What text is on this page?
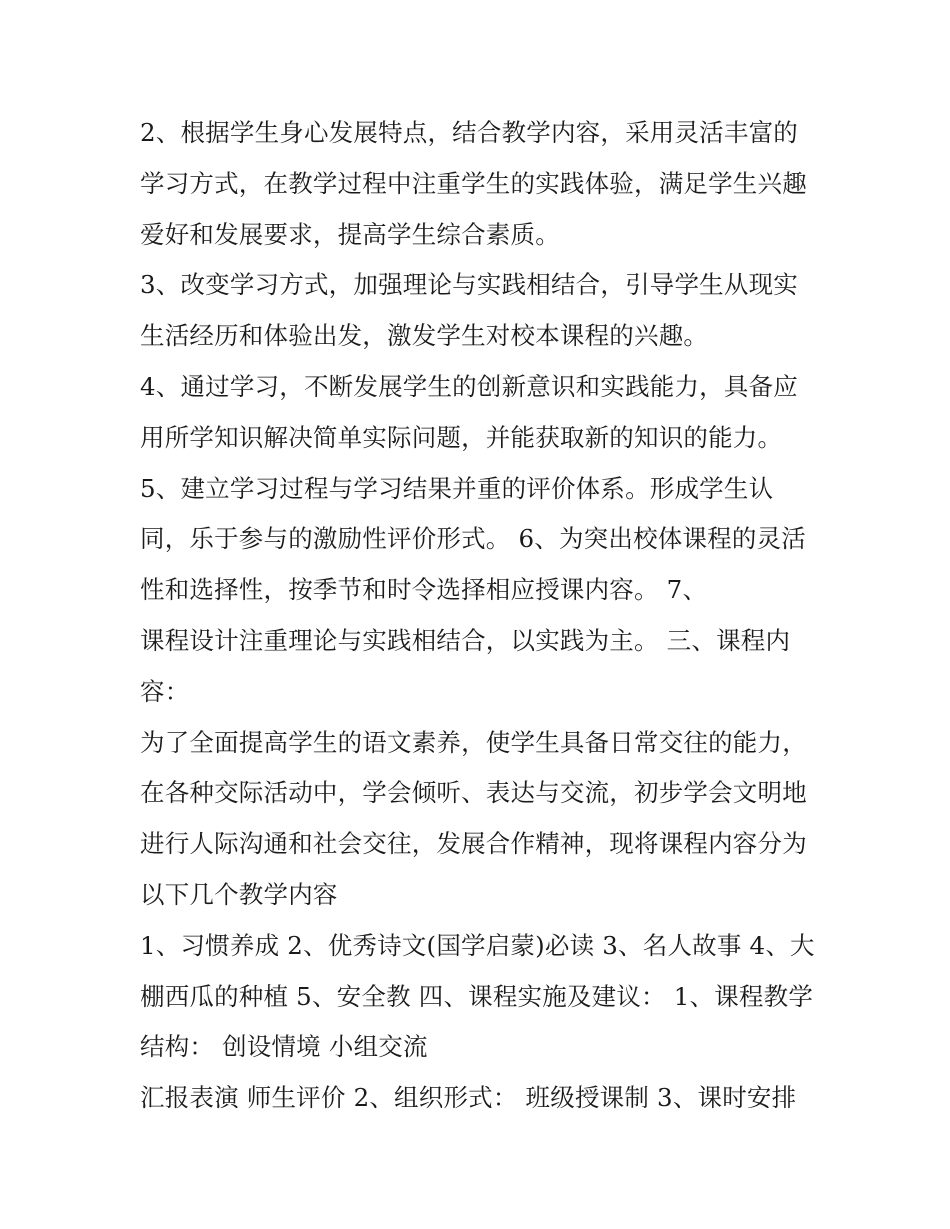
2、根据学生身心发展特点，结合教学内容，采用灵活丰富的
学习方式，在教学过程中注重学生的实践体验，满足学生兴趣
爱好和发展要求，提高学生综合素质。
3、改变学习方式，加强理论与实践相结合，引导学生从现实
生活经历和体验出发，激发学生对校本课程的兴趣。
4、通过学习，不断发展学生的创新意识和实践能力，具备应
用所学知识解决简单实际问题，并能获取新的知识的能力。
5、建立学习过程与学习结果并重的评价体系。形成学生认
同，乐于参与的激励性评价形式。 6、为突出校体课程的灵活
性和选择性，按季节和时令选择相应授课内容。 7、
课程设计注重理论与实践相结合，以实践为主。 三、课程内
容：
为了全面提高学生的语文素养，使学生具备日常交往的能力，
在各种交际活动中，学会倾听、表达与交流，初步学会文明地
进行人际沟通和社会交往，发展合作精神，现将课程内容分为
以下几个教学内容
1、习惯养成 2、优秀诗文(国学启蒙)必读 3、名人故事 4、大
棚西瓜的种植 5、安全教 四、课程实施及建议： 1、课程教学
结构： 创设情境 小组交流
汇报表演 师生评价 2、组织形式： 班级授课制 3、课时安排
